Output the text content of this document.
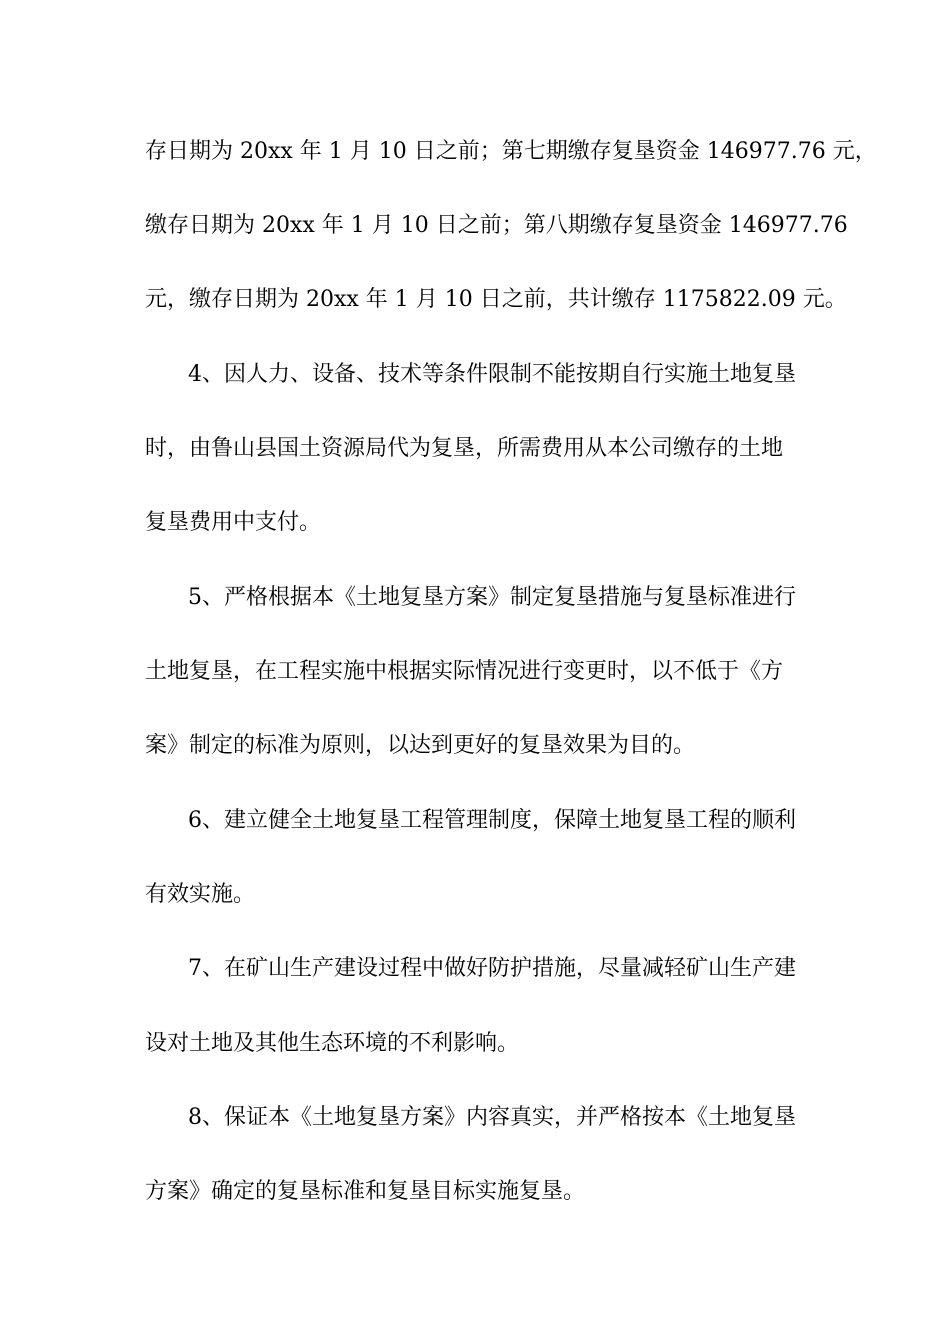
存日期为 20xx 年 1 月 10 日之前；第七期缴存复垦资金 146977.76 元，
缴存日期为 20xx 年 1 月 10 日之前；第八期缴存复垦资金 146977.76
元，缴存日期为 20xx 年 1 月 10 日之前，共计缴存 1175822.09 元。
4、因人力、设备、技术等条件限制不能按期自行实施土地复垦
时，由鲁山县国土资源局代为复垦，所需费用从本公司缴存的土地
复垦费用中支付。
5、严格根据本《土地复垦方案》制定复垦措施与复垦标准进行
土地复垦，在工程实施中根据实际情况进行变更时，以不低于《方
案》制定的标准为原则，以达到更好的复垦效果为目的。
6、建立健全土地复垦工程管理制度，保障土地复垦工程的顺利
有效实施。
7、在矿山生产建设过程中做好防护措施，尽量减轻矿山生产建
设对土地及其他生态环境的不利影响。
8、保证本《土地复垦方案》内容真实，并严格按本《土地复垦
方案》确定的复垦标准和复垦目标实施复垦。
